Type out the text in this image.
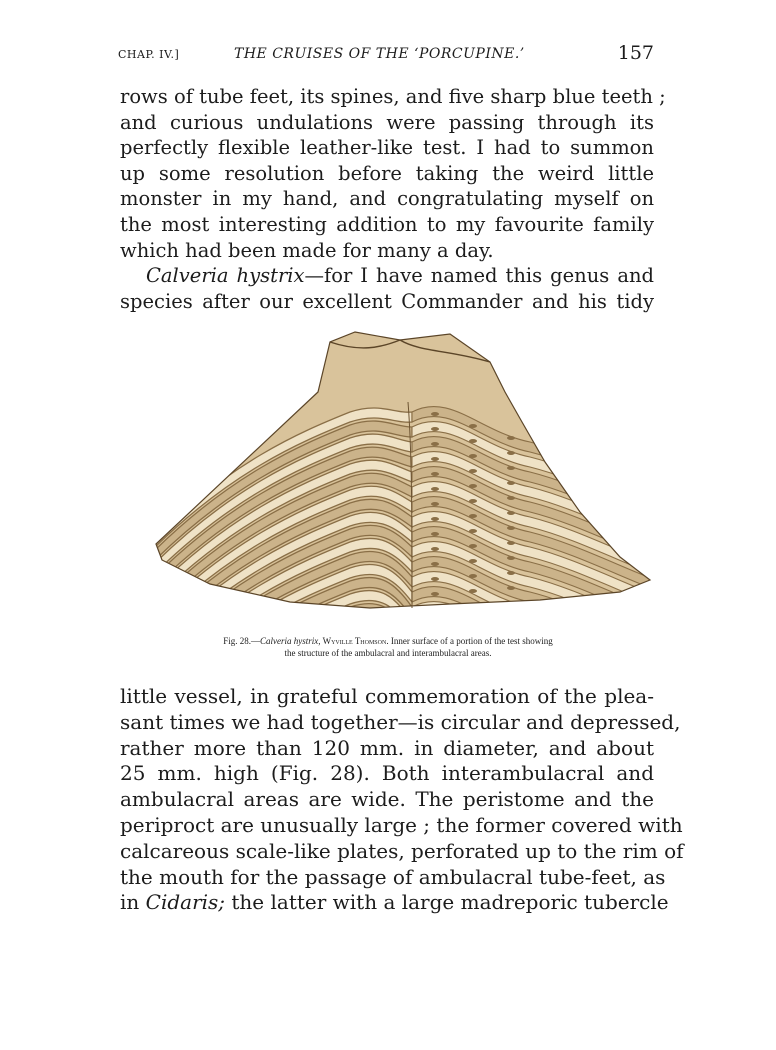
CHAP. IV.]	THE CRUISES OF THE ‘PORCUPINE.’	157
rows of tube feet, its spines, and five sharp blue teeth ;
and curious undulations were passing through its
perfectly flexible leather-like test. I had to summon
up some resolution before taking the weird little
monster in my hand, and congratulating myself on
the most interesting addition to my favourite family
which had been made for many a day.
Calveria hystrix—for I have named this genus and
species after our excellent Commander and his tidy
Fig. 28.—Calveria hystrix, Wyville Thomson. Inner surface of a portion of the test showing
the structure of the ambulacral and interambulacral areas.
little vessel, in grateful commemoration of the plea-
sant times we had together—is circular and depressed,
rather more than 120 mm. in diameter, and about
25 mm. high (Fig. 28). Both interambulacral and
ambulacral areas are wide. The peristome and the
periproct are unusually large ; the former covered with
calcareous scale-like plates, perforated up to the rim of
the mouth for the passage of ambulacral tube-feet, as
in Cidaris; the latter with a large madreporic tubercle
